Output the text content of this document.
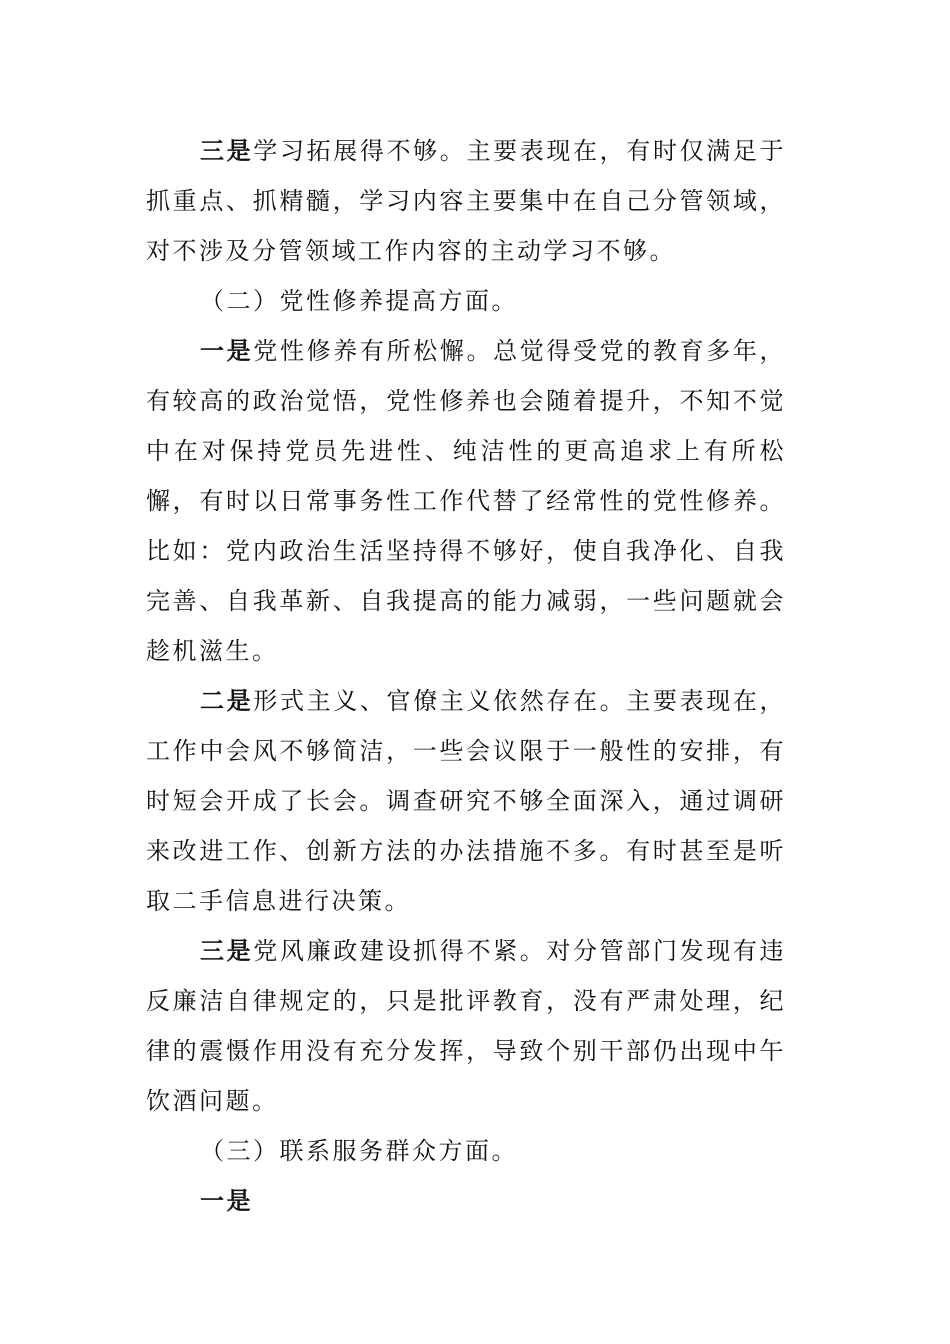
三是学习拓展得不够。主要表现在，有时仅满足于抓重点、抓精髓，学习内容主要集中在自己分管领域，对不涉及分管领域工作内容的主动学习不够。

（二）党性修养提高方面。

一是党性修养有所松懈。总觉得受党的教育多年，有较高的政治觉悟，党性修养也会随着提升，不知不觉中在对保持党员先进性、纯洁性的更高追求上有所松懈，有时以日常事务性工作代替了经常性的党性修养。比如：党内政治生活坚持得不够好，使自我净化、自我完善、自我革新、自我提高的能力减弱，一些问题就会趁机滋生。

二是形式主义、官僚主义依然存在。主要表现在，工作中会风不够简洁，一些会议限于一般性的安排，有时短会开成了长会。调查研究不够全面深入，通过调研来改进工作、创新方法的办法措施不多。有时甚至是听取二手信息进行决策。

三是党风廉政建设抓得不紧。对分管部门发现有违反廉洁自律规定的，只是批评教育，没有严肃处理，纪律的震慑作用没有充分发挥，导致个别干部仍出现中午饮酒问题。

（三）联系服务群众方面。

一是
